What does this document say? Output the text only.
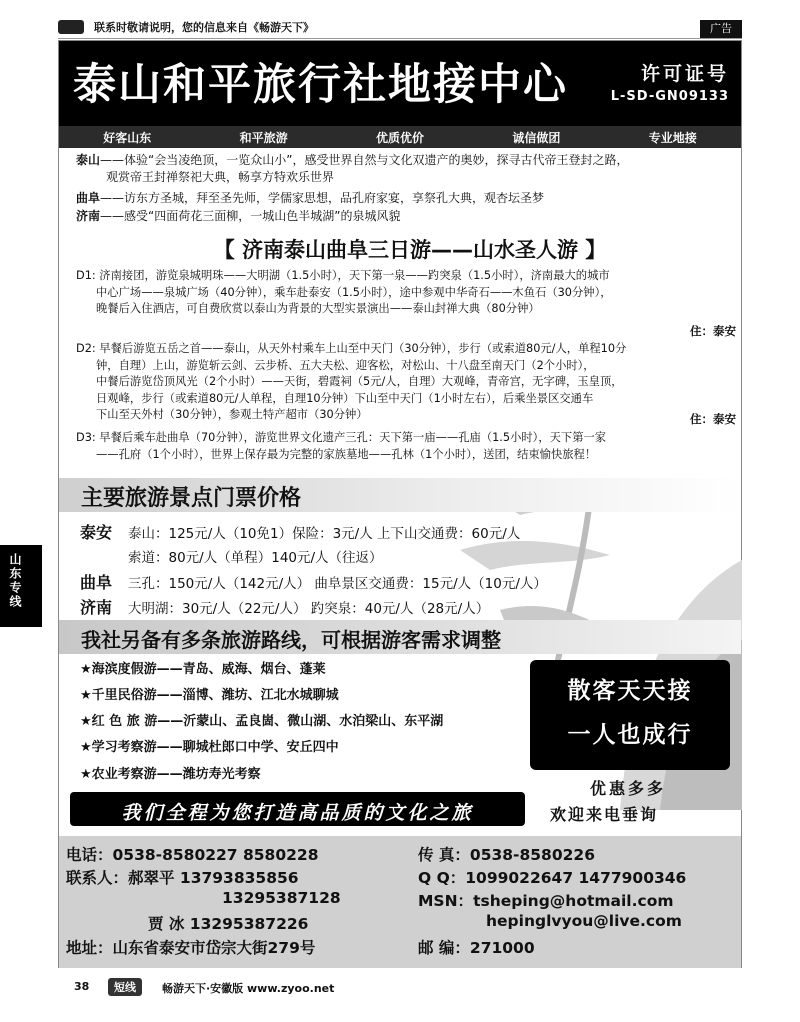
联系时敬请说明，您的信息来自《畅游天下》	广告
泰山和平旅行社地接中心	许可证号
L-SD-GN09133
好客山东	和平旅游	优质优价	诚信做团	专业地接
泰山——体验“会当凌绝顶，一览众山小”，感受世界自然与文化双遗产的奥妙，探寻古代帝王登封之路，
观赏帝王封禅祭祀大典，畅享方特欢乐世界
曲阜——访东方圣城，拜至圣先师，学儒家思想，品孔府家宴，享祭孔大典，观杏坛圣梦
济南——感受“四面荷花三面柳，一城山色半城湖”的泉城风貌
【 济南泰山曲阜三日游——山水圣人游 】
D1: 济南接团，游览泉城明珠——大明湖（1.5小时），天下第一泉——趵突泉（1.5小时），济南最大的城市
中心广场——泉城广场（40分钟），乘车赴泰安（1.5小时），途中参观中华奇石——木鱼石（30分钟），
晚餐后入住酒店，可自费欣赏以泰山为背景的大型实景演出——泰山封禅大典（80分钟）
住：泰安
D2: 早餐后游览五岳之首——泰山，从天外村乘车上山至中天门（30分钟），步行（或索道80元/人，单程10分
钟，自理）上山，游览斩云剑、云步桥、五大夫松、迎客松，对松山、十八盘至南天门（2个小时），
中餐后游览岱顶风光（2个小时）——天街，碧霞祠（5元/人，自理）大观峰，青帝宫，无字碑，玉皇顶，
日观峰，步行（或索道80元/人单程，自理10分钟）下山至中天门（1小时左右），后乘坐景区交通车
下山至天外村（30分钟），参观土特产超市（30分钟）	住：泰安
D3: 早餐后乘车赴曲阜（70分钟），游览世界文化遗产三孔：天下第一庙——孔庙（1.5小时），天下第一家
——孔府（1个小时），世界上保存最为完整的家族墓地——孔林（1个小时），送团，结束愉快旅程！
主要旅游景点门票价格
泰安 泰山：125元/人（10免1）保险：3元/人 上下山交通费：60元/人
索道：80元/人（单程）140元/人（往返）
曲阜 三孔：150元/人（142元/人） 曲阜景区交通费：15元/人（10元/人）
济南 大明湖：30元/人（22元/人） 趵突泉：40元/人（28元/人）
我社另备有多条旅游路线，可根据游客需求调整
★海滨度假游——青岛、威海、烟台、蓬莱
★千里民俗游——淄博、潍坊、江北水城聊城
★红 色 旅 游——沂蒙山、孟良崮、微山湖、水泊梁山、东平湖
★学习考察游——聊城杜郎口中学、安丘四中
★农业考察游——潍坊寿光考察
散客天天接
一人也成行
优惠多多
欢迎来电垂询
我们全程为您打造高品质的文化之旅
电话：0538-8580227 8580228	传 真：0538-8580226
联系人：郝翠平 13793835856	Q Q：1099022647 1477900346
13295387128	MSN：tsheping@hotmail.com
贾 冰 13295387226	hepinglvyou@live.com
地址：山东省泰安市岱宗大街279号	邮 编：271000
山东专线
38	短线	畅游天下·安徽版 www.zyoo.net
